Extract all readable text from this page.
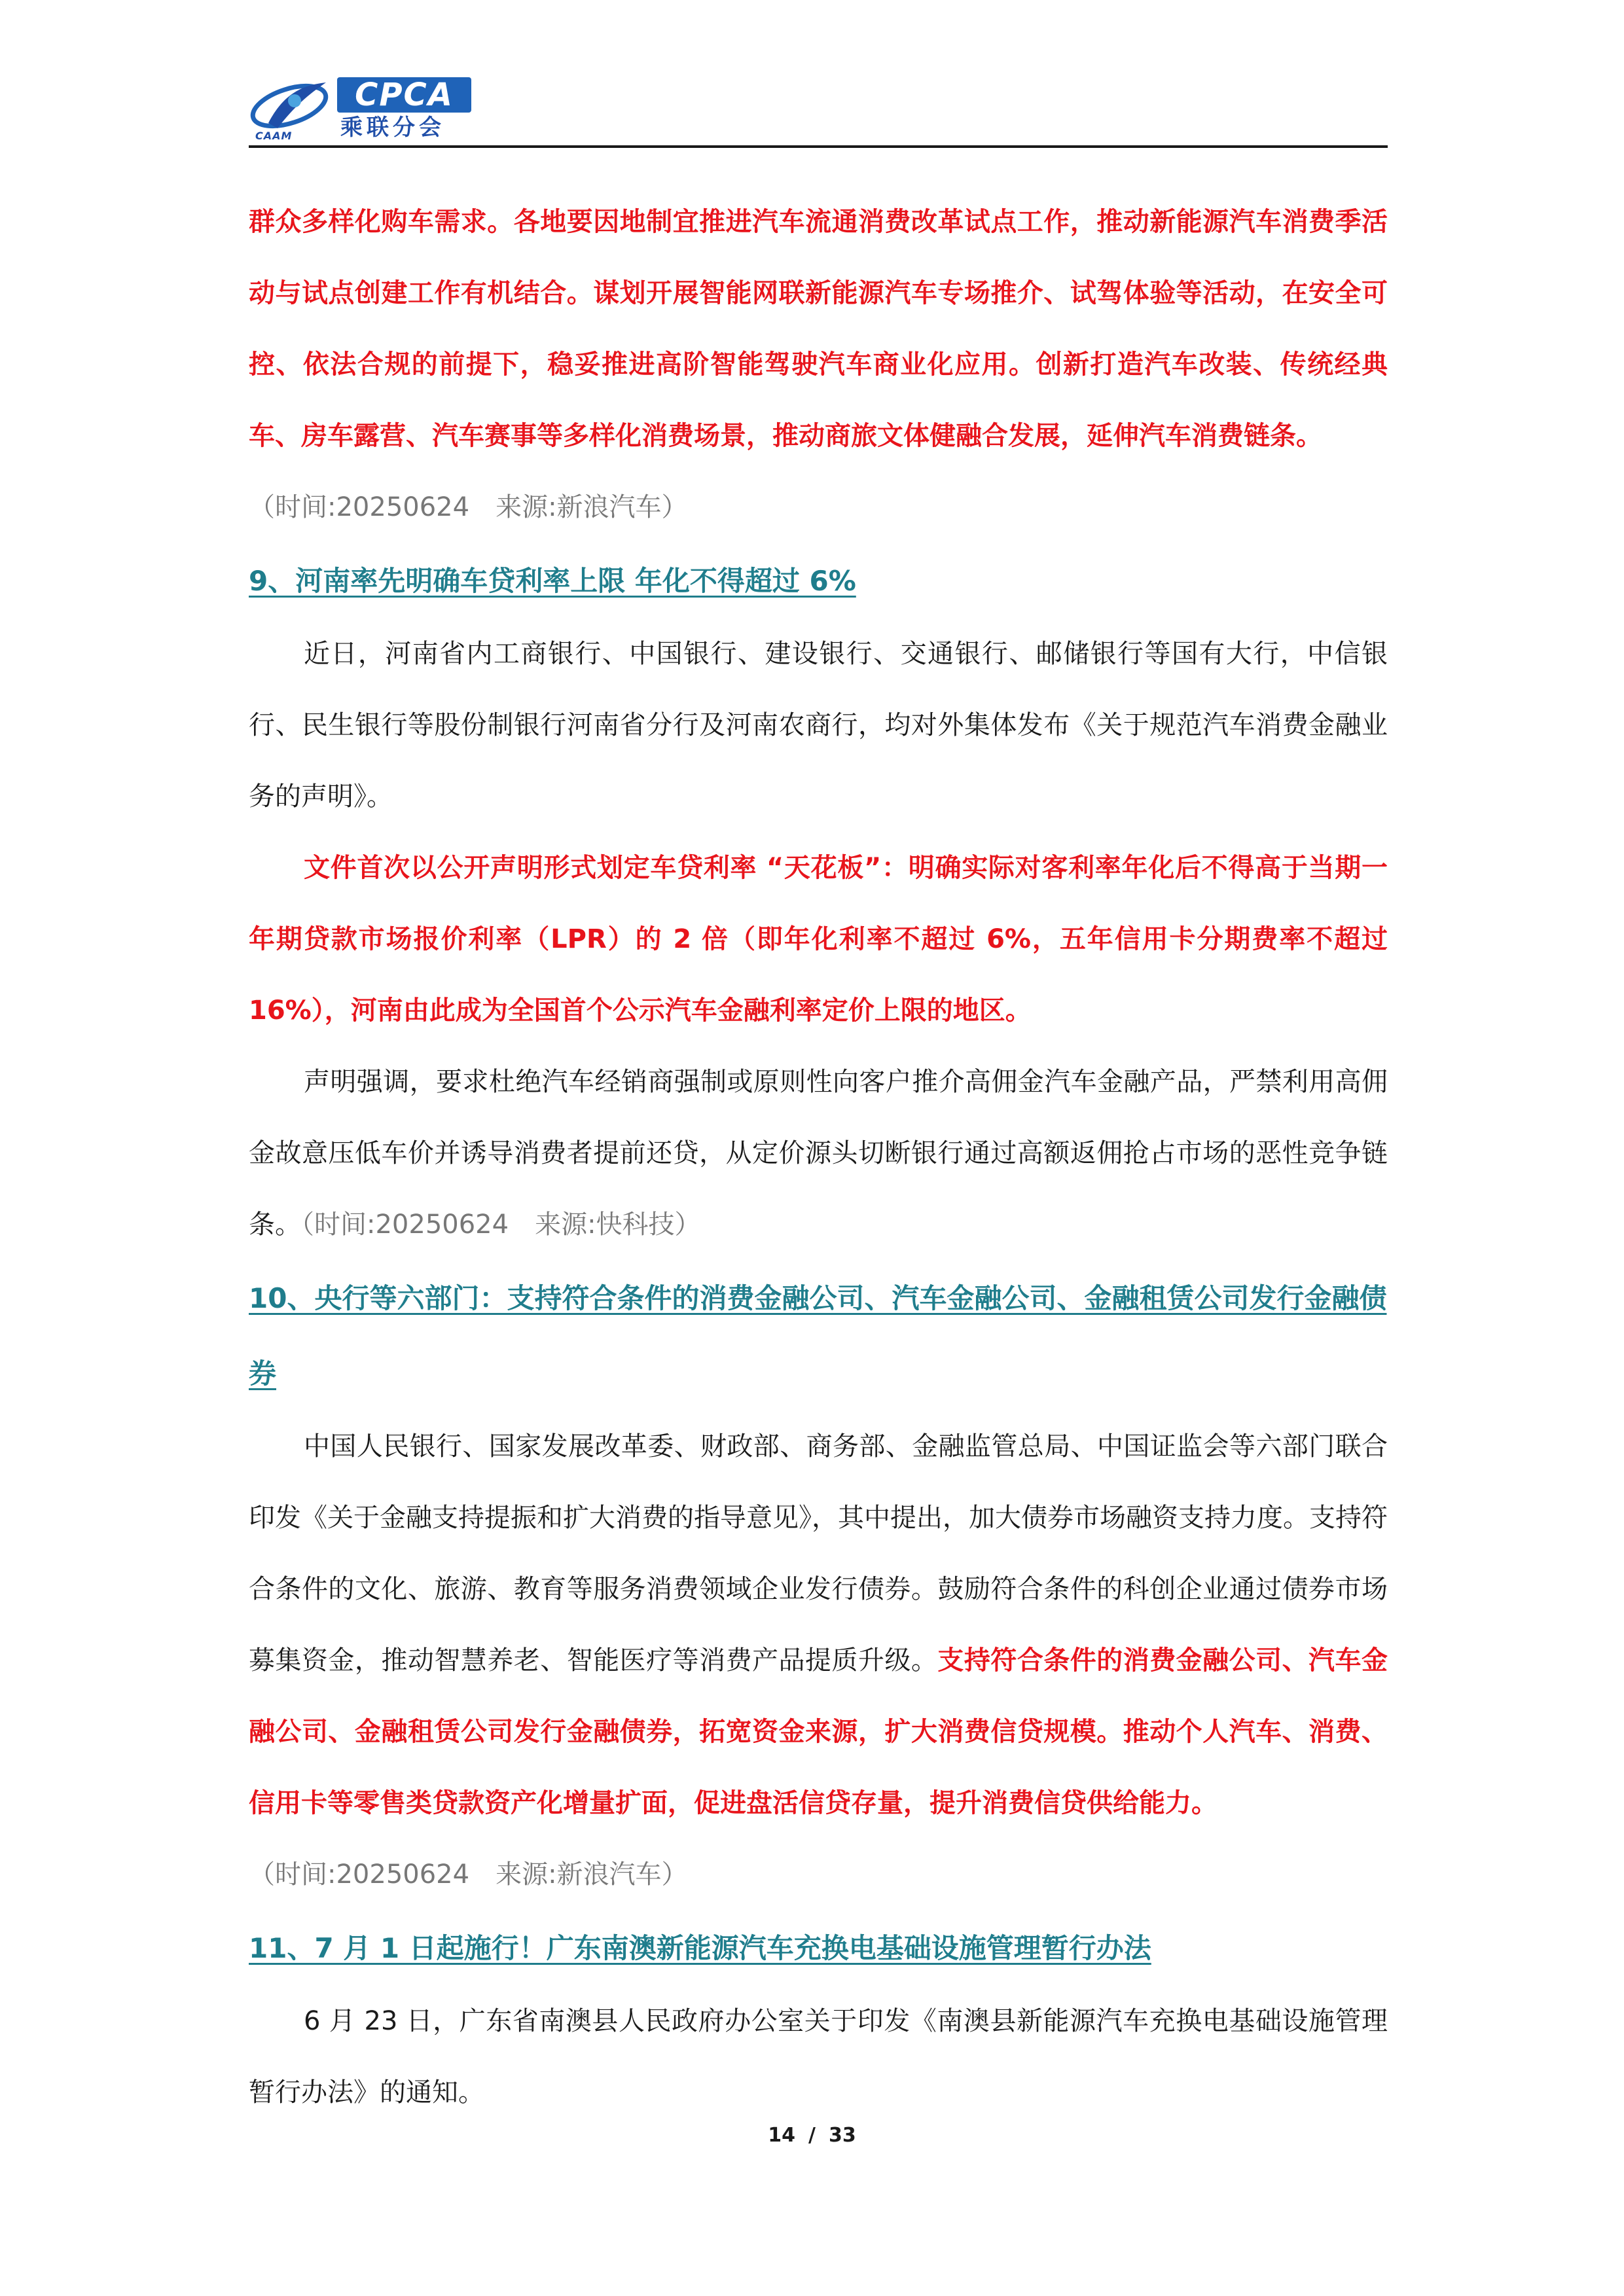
CAAM
CPCA
乘联分会

群众多样化购车需求。各地要因地制宜推进汽车流通消费改革试点工作，推动新能源汽车消费季活动与试点创建工作有机结合。谋划开展智能网联新能源汽车专场推介、试驾体验等活动，在安全可控、依法合规的前提下，稳妥推进高阶智能驾驶汽车商业化应用。创新打造汽车改装、传统经典车、房车露营、汽车赛事等多样化消费场景，推动商旅文体健融合发展，延伸汽车消费链条。

（时间:20250624　来源:新浪汽车）

9、河南率先明确车贷利率上限 年化不得超过 6%

近日，河南省内工商银行、中国银行、建设银行、交通银行、邮储银行等国有大行，中信银行、民生银行等股份制银行河南省分行及河南农商行，均对外集体发布《关于规范汽车消费金融业务的声明》。

文件首次以公开声明形式划定车贷利率 “天花板”：明确实际对客利率年化后不得高于当期一年期贷款市场报价利率（LPR）的 2 倍（即年化利率不超过 6%，五年信用卡分期费率不超过 16%），河南由此成为全国首个公示汽车金融利率定价上限的地区。

声明强调，要求杜绝汽车经销商强制或原则性向客户推介高佣金汽车金融产品，严禁利用高佣金故意压低车价并诱导消费者提前还贷，从定价源头切断银行通过高额返佣抢占市场的恶性竞争链条。（时间:20250624　来源:快科技）

10、央行等六部门：支持符合条件的消费金融公司、汽车金融公司、金融租赁公司发行金融债券

中国人民银行、国家发展改革委、财政部、商务部、金融监管总局、中国证监会等六部门联合印发《关于金融支持提振和扩大消费的指导意见》，其中提出，加大债券市场融资支持力度。支持符合条件的文化、旅游、教育等服务消费领域企业发行债券。鼓励符合条件的科创企业通过债券市场募集资金，推动智慧养老、智能医疗等消费产品提质升级。支持符合条件的消费金融公司、汽车金融公司、金融租赁公司发行金融债券，拓宽资金来源，扩大消费信贷规模。推动个人汽车、消费、信用卡等零售类贷款资产化增量扩面，促进盘活信贷存量，提升消费信贷供给能力。

（时间:20250624　来源:新浪汽车）

11、7 月 1 日起施行！广东南澳新能源汽车充换电基础设施管理暂行办法

6 月 23 日，广东省南澳县人民政府办公室关于印发《南澳县新能源汽车充换电基础设施管理暂行办法》的通知。

14 / 33
